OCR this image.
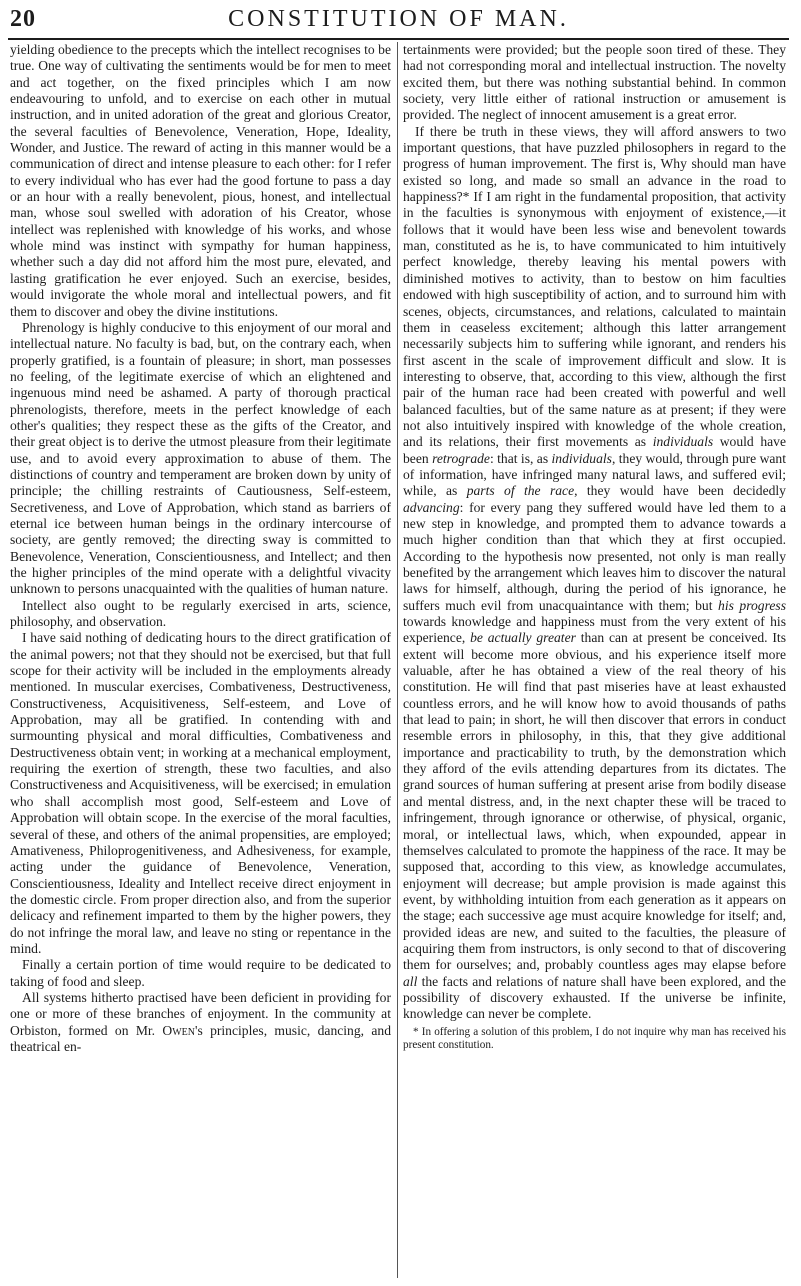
20	CONSTITUTION OF MAN.

yielding obedience to the precepts which the intellect recognises to be true. One way of cultivating the sentiments would be for men to meet and act together, on the fixed principles which I am now endeavouring to unfold, and to exercise on each other in mutual instruction, and in united adoration of the great and glorious Creator, the several faculties of Benevolence, Veneration, Hope, Ideality, Wonder, and Justice. The reward of acting in this manner would be a communication of direct and intense pleasure to each other: for I refer to every individual who has ever had the good fortune to pass a day or an hour with a really benevolent, pious, honest, and intellectual man, whose soul swelled with adoration of his Creator, whose intellect was replenished with knowledge of his works, and whose whole mind was instinct with sympathy for human happiness, whether such a day did not afford him the most pure, elevated, and lasting gratification he ever enjoyed. Such an exercise, besides, would invigorate the whole moral and intellectual powers, and fit them to discover and obey the divine institutions.

Phrenology is highly conducive to this enjoyment of our moral and intellectual nature. No faculty is bad, but, on the contrary each, when properly gratified, is a fountain of pleasure; in short, man possesses no feeling, of the legitimate exercise of which an elightened and ingenuous mind need be ashamed. A party of thorough practical phrenologists, therefore, meets in the perfect knowledge of each other's qualities; they respect these as the gifts of the Creator, and their great object is to derive the utmost pleasure from their legitimate use, and to avoid every approximation to abuse of them. The distinctions of country and temperament are broken down by unity of principle; the chilling restraints of Cautiousness, Self-esteem, Secretiveness, and Love of Approbation, which stand as barriers of eternal ice between human beings in the ordinary intercourse of society, are gently removed; the directing sway is committed to Benevolence, Veneration, Conscientiousness, and Intellect; and then the higher principles of the mind operate with a delightful vivacity unknown to persons unacquainted with the qualities of human nature.

Intellect also ought to be regularly exercised in arts, science, philosophy, and observation.

I have said nothing of dedicating hours to the direct gratification of the animal powers; not that they should not be exercised, but that full scope for their activity will be included in the employments already mentioned. In muscular exercises, Combativeness, Destructiveness, Constructiveness, Acquisitiveness, Self-esteem, and Love of Approbation, may all be gratified. In contending with and surmounting physical and moral difficulties, Combativeness and Destructiveness obtain vent; in working at a mechanical employment, requiring the exertion of strength, these two faculties, and also Constructiveness and Acquisitiveness, will be exercised; in emulation who shall accomplish most good, Self-esteem and Love of Approbation will obtain scope. In the exercise of the moral faculties, several of these, and others of the animal propensities, are employed; Amativeness, Philoprogenitiveness, and Adhesiveness, for example, acting under the guidance of Benevolence, Veneration, Conscientiousness, Ideality and Intellect receive direct enjoyment in the domestic circle. From proper direction also, and from the superior delicacy and refinement imparted to them by the higher powers, they do not infringe the moral law, and leave no sting or repentance in the mind.

Finally a certain portion of time would require to be dedicated to taking of food and sleep.

All systems hitherto practised have been deficient in providing for one or more of these branches of enjoyment. In the community at Orbiston, formed on Mr. Owen's principles, music, dancing, and theatrical en-

tertainments were provided; but the people soon tired of these. They had not corresponding moral and intellectual instruction. The novelty excited them, but there was nothing substantial behind. In common society, very little either of rational instruction or amusement is provided. The neglect of innocent amusement is a great error.

If there be truth in these views, they will afford answers to two important questions, that have puzzled philosophers in regard to the progress of human improvement. The first is, Why should man have existed so long, and made so small an advance in the road to happiness?* If I am right in the fundamental proposition, that activity in the faculties is synonymous with enjoyment of existence,—it follows that it would have been less wise and benevolent towards man, constituted as he is, to have communicated to him intuitively perfect knowledge, thereby leaving his mental powers with diminished motives to activity, than to bestow on him faculties endowed with high susceptibility of action, and to surround him with scenes, objects, circumstances, and relations, calculated to maintain them in ceaseless excitement; although this latter arrangement necessarily subjects him to suffering while ignorant, and renders his first ascent in the scale of improvement difficult and slow. It is interesting to observe, that, according to this view, although the first pair of the human race had been created with powerful and well balanced faculties, but of the same nature as at present; if they were not also intuitively inspired with knowledge of the whole creation, and its relations, their first movements as individuals would have been retrograde: that is, as individuals, they would, through pure want of information, have infringed many natural laws, and suffered evil; while, as parts of the race, they would have been decidedly advancing: for every pang they suffered would have led them to a new step in knowledge, and prompted them to advance towards a much higher condition than that which they at first occupied. According to the hypothesis now presented, not only is man really benefited by the arrangement which leaves him to discover the natural laws for himself, although, during the period of his ignorance, he suffers much evil from unacquaintance with them; but his progress towards knowledge and happiness must from the very extent of his experience, be actually greater than can at present be conceived. Its extent will become more obvious, and his experience itself more valuable, after he has obtained a view of the real theory of his constitution. He will find that past miseries have at least exhausted countless errors, and he will know how to avoid thousands of paths that lead to pain; in short, he will then discover that errors in conduct resemble errors in philosophy, in this, that they give additional importance and practicability to truth, by the demonstration which they afford of the evils attending departures from its dictates. The grand sources of human suffering at present arise from bodily disease and mental distress, and, in the next chapter these will be traced to infringement, through ignorance or otherwise, of physical, organic, moral, or intellectual laws, which, when expounded, appear in themselves calculated to promote the happiness of the race. It may be supposed that, according to this view, as knowledge accumulates, enjoyment will decrease; but ample provision is made against this event, by withholding intuition from each generation as it appears on the stage; each successive age must acquire knowledge for itself; and, provided ideas are new, and suited to the faculties, the pleasure of acquiring them from instructors, is only second to that of discovering them for ourselves; and, probably countless ages may elapse before all the facts and relations of nature shall have been explored, and the possibility of discovery exhausted. If the universe be infinite, knowledge can never be complete.

* In offering a solution of this problem, I do not inquire why man has received his present constitution.
